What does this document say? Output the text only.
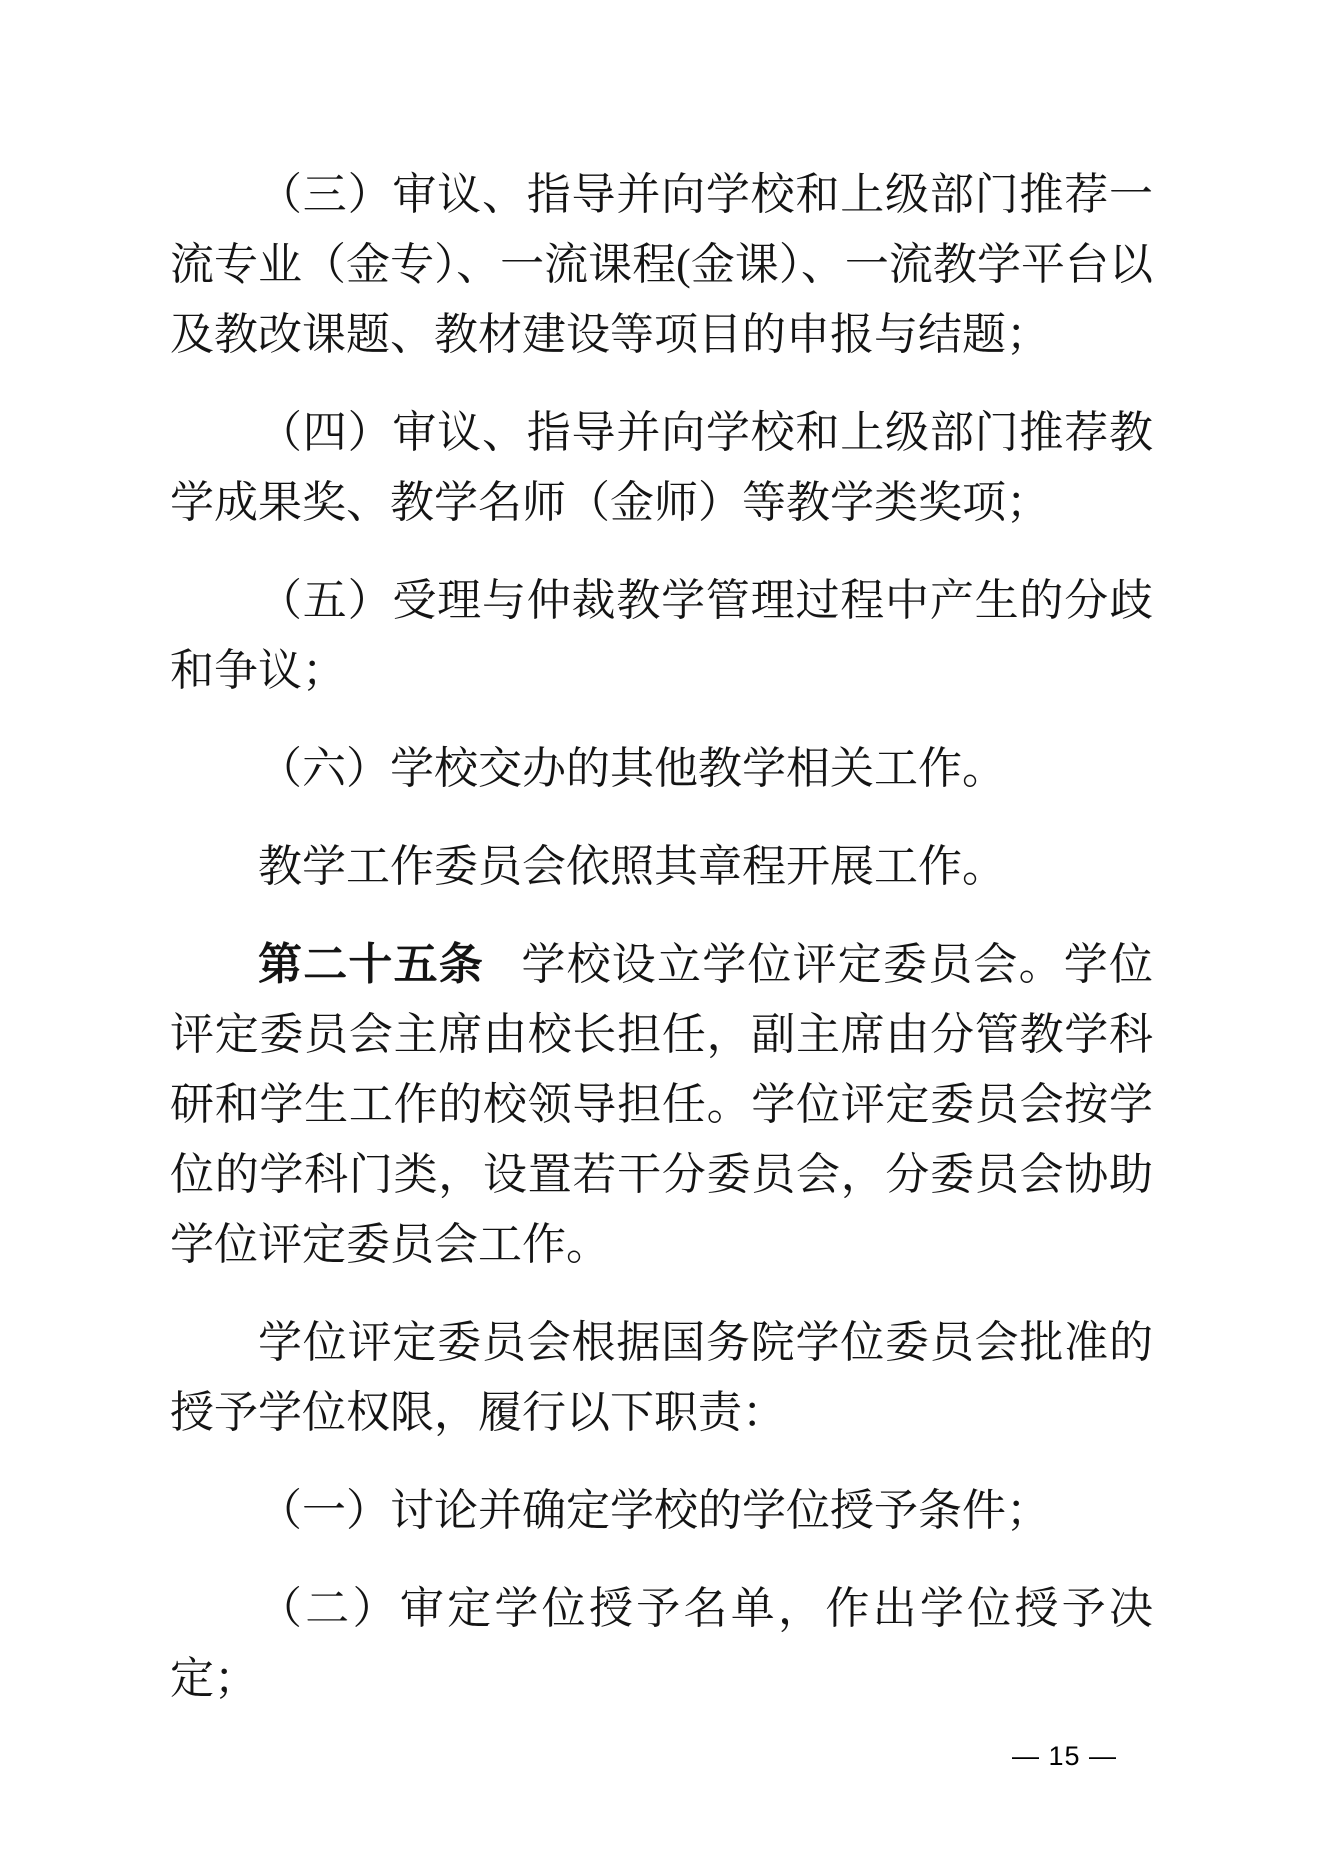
（三）审议、指导并向学校和上级部门推荐一流专业（金专）、一流课程(金课）、一流教学平台以及教改课题、教材建设等项目的申报与结题；

（四）审议、指导并向学校和上级部门推荐教学成果奖、教学名师（金师）等教学类奖项；

（五）受理与仲裁教学管理过程中产生的分歧和争议；

（六）学校交办的其他教学相关工作。

教学工作委员会依照其章程开展工作。

第二十五条 学校设立学位评定委员会。学位评定委员会主席由校长担任，副主席由分管教学科研和学生工作的校领导担任。学位评定委员会按学位的学科门类，设置若干分委员会，分委员会协助学位评定委员会工作。

学位评定委员会根据国务院学位委员会批准的授予学位权限，履行以下职责：

（一）讨论并确定学校的学位授予条件；

（二）审定学位授予名单，作出学位授予决定；

— 15 —
